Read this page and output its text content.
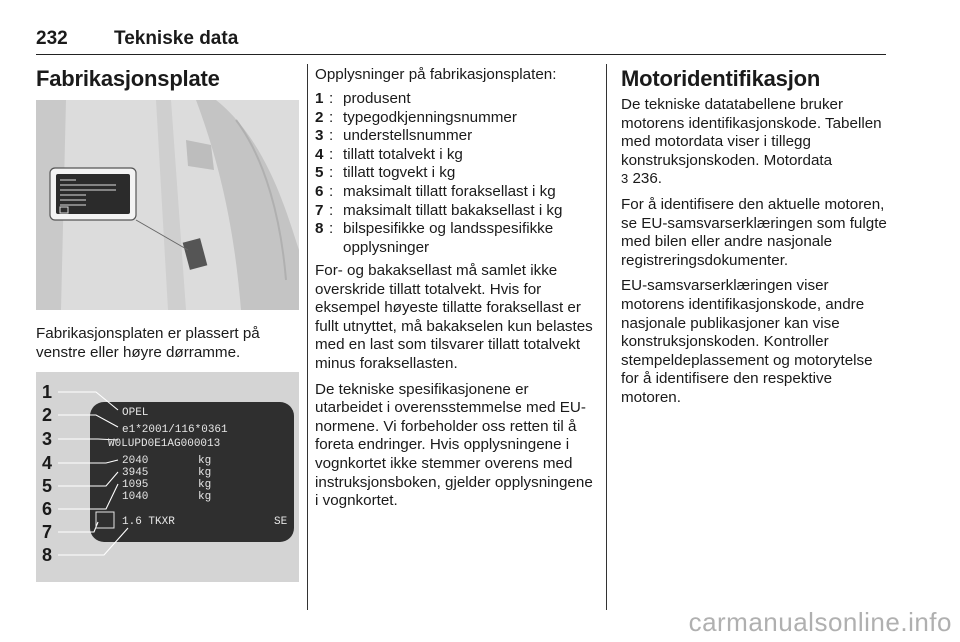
232 Tekniske data
Fabrikasjonsplate
Fabrikasjonsplaten er plassert på venstre eller høyre dørramme.
1
2
3
4
5
6
7
8
OPEL
e1*2001/116*0361
W0LUPD0E1AG000013
2040
3945
1095
1040
kg
kg
kg
kg
1.6 TKXR	SE
Opplysninger på fabrikasjonsplaten:
1 : produsent
2 : typegodkjenningsnummer
3 : understellsnummer
4 : tillatt totalvekt i kg
5 : tillatt togvekt i kg
6 : maksimalt tillatt foraksellast i kg
7 : maksimalt tillatt bakaksellast i kg
8 : bilspesifikke og landsspesifikke opplysninger

For- og bakaksellast må samlet ikke overskride tillatt totalvekt. Hvis for eksempel høyeste tillatte foraksellast er fullt utnyttet, må bakakselen kun belastes med en last som tilsvarer tillatt totalvekt minus foraksellasten.

De tekniske spesifikasjonene er utarbeidet i overensstemmelse med EU-normene. Vi forbeholder oss retten til å foreta endringer. Hvis opplysningene i vognkortet ikke stemmer overens med instruksjonsboken, gjelder opplysningene i vognkortet.

Motoridentifikasjon

De tekniske datatabellene bruker motorens identifikasjonskode. Tabellen med motordata viser i tillegg konstruksjonskoden. Motordata
3 236.

For å identifisere den aktuelle motoren, se EU-samsvarserklæringen som fulgte med bilen eller andre nasjonale registreringsdokumenter.

EU-samsvarserklæringen viser motorens identifikasjonskode, andre nasjonale publikasjoner kan vise konstruksjonskoden. Kontroller stempeldeplassement og motorytelse for å identifisere den respektive motoren.

carmanualsonline.info
